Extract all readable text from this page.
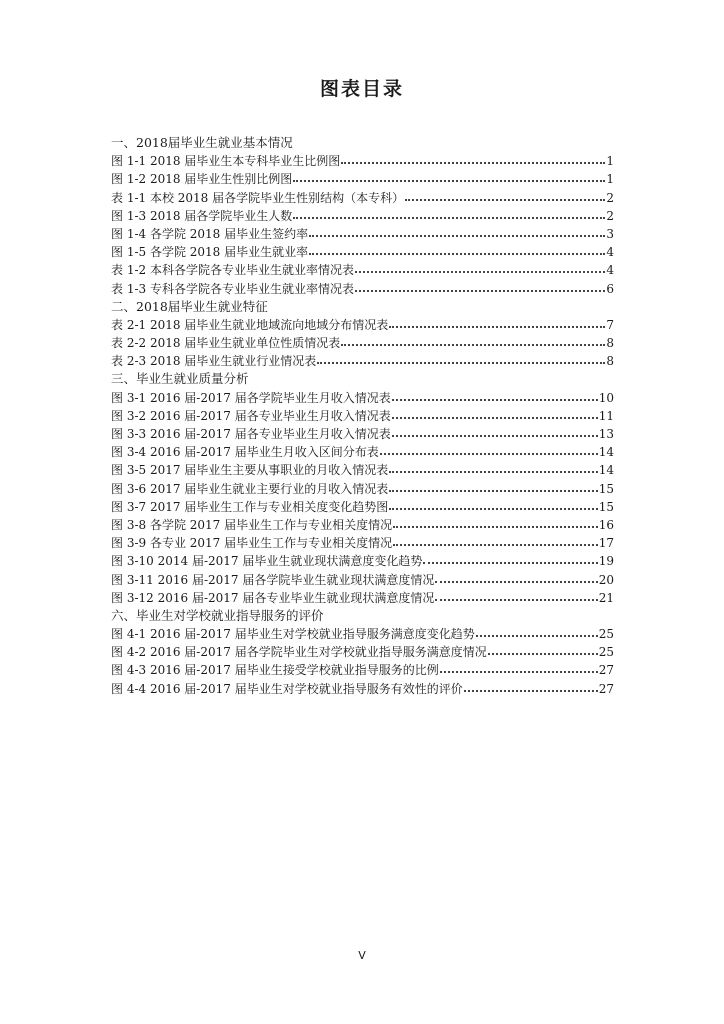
图表目录
一、2018届毕业生就业基本情况
图 1-1 2018 届毕业生本专科毕业生比例图	1
图 1-2 2018 届毕业生性别比例图	1
表 1-1 本校 2018 届各学院毕业生性别结构（本专科）	2
图 1-3 2018 届各学院毕业生人数	2
图 1-4 各学院 2018 届毕业生签约率	3
图 1-5 各学院 2018 届毕业生就业率	4
表 1-2 本科各学院各专业毕业生就业率情况表	4
表 1-3 专科各学院各专业毕业生就业率情况表	6
二、2018届毕业生就业特征
表 2-1 2018 届毕业生就业地域流向地域分布情况表	7
表 2-2 2018 届毕业生就业单位性质情况表	8
表 2-3 2018 届毕业生就业行业情况表	8
三、毕业生就业质量分析
图 3-1 2016 届-2017 届各学院毕业生月收入情况表	10
图 3-2 2016 届-2017 届各专业毕业生月收入情况表	11
图 3-3 2016 届-2017 届各专业毕业生月收入情况表	13
图 3-4 2016 届-2017 届毕业生月收入区间分布表	14
图 3-5 2017 届毕业生主要从事职业的月收入情况表	14
图 3-6 2017 届毕业生就业主要行业的月收入情况表	15
图 3-7 2017 届毕业生工作与专业相关度变化趋势图	15
图 3-8 各学院 2017 届毕业生工作与专业相关度情况	16
图 3-9 各专业 2017 届毕业生工作与专业相关度情况	17
图 3-10 2014 届-2017 届毕业生就业现状满意度变化趋势	19
图 3-11 2016 届-2017 届各学院毕业生就业现状满意度情况	20
图 3-12 2016 届-2017 届各专业毕业生就业现状满意度情况	21
六、毕业生对学校就业指导服务的评价
图 4-1 2016 届-2017 届毕业生对学校就业指导服务满意度变化趋势	25
图 4-2 2016 届-2017 届各学院毕业生对学校就业指导服务满意度情况	25
图 4-3 2016 届-2017 届毕业生接受学校就业指导服务的比例	27
图 4-4 2016 届-2017 届毕业生对学校就业指导服务有效性的评价	27
V
